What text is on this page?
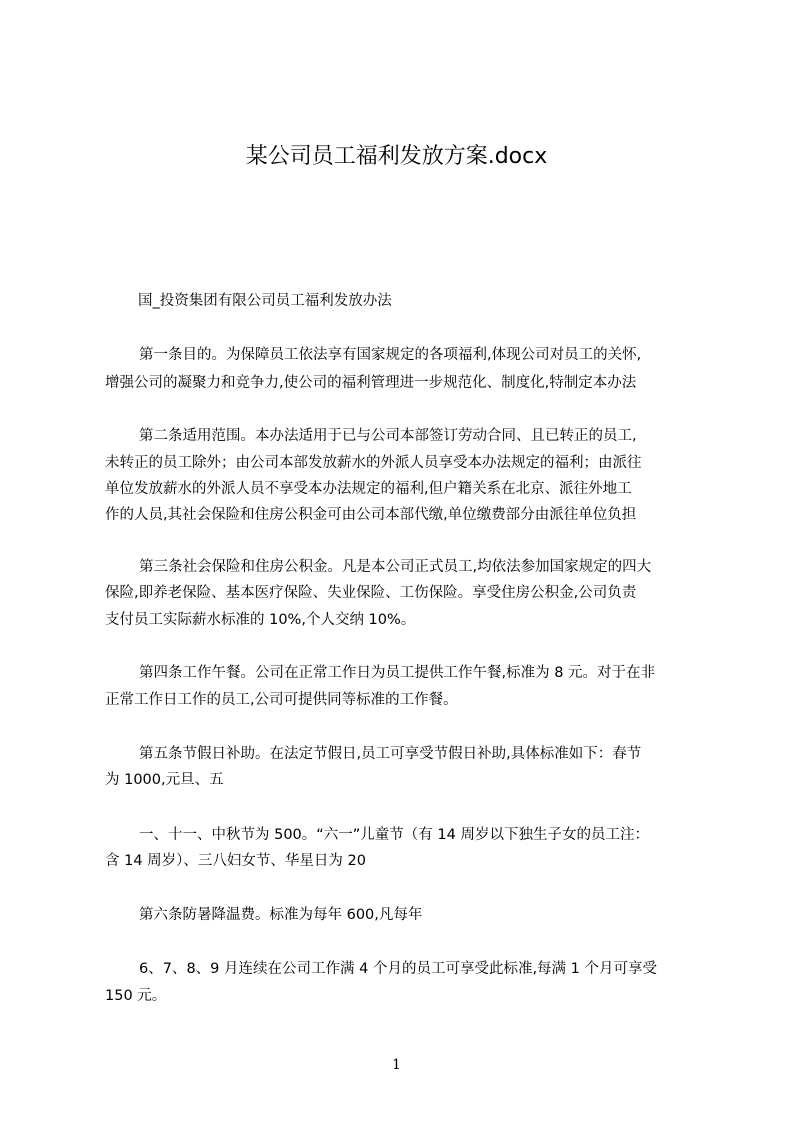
某公司员工福利发放方案.docx

国_投资集团有限公司员工福利发放办法

第一条目的。为保障员工依法享有国家规定的各项福利,体现公司对员工的关怀,

增强公司的凝聚力和竞争力,使公司的福利管理进一步规范化、制度化,特制定本办法

第二条适用范围。本办法适用于已与公司本部签订劳动合同、且已转正的员工,

未转正的员工除外；由公司本部发放薪水的外派人员享受本办法规定的福利；由派往

单位发放薪水的外派人员不享受本办法规定的福利,但户籍关系在北京、派往外地工

作的人员,其社会保险和住房公积金可由公司本部代缴,单位缴费部分由派往单位负担

第三条社会保险和住房公积金。凡是本公司正式员工,均依法参加国家规定的四大

保险,即养老保险、基本医疗保险、失业保险、工伤保险。享受住房公积金,公司负责

支付员工实际薪水标准的 10%,个人交纳 10%。

第四条工作午餐。公司在正常工作日为员工提供工作午餐,标准为 8 元。对于在非

正常工作日工作的员工,公司可提供同等标准的工作餐。

第五条节假日补助。在法定节假日,员工可享受节假日补助,具体标准如下：春节

为 1000,元旦、五

一、十一、中秋节为 500。“六一”儿童节（有 14 周岁以下独生子女的员工注：

含 14 周岁）、三八妇女节、华星日为 20

第六条防暑降温费。标准为每年 600,凡每年

6、7、8、9 月连续在公司工作满 4 个月的员工可享受此标准,每满 1 个月可享受

150 元。

1
